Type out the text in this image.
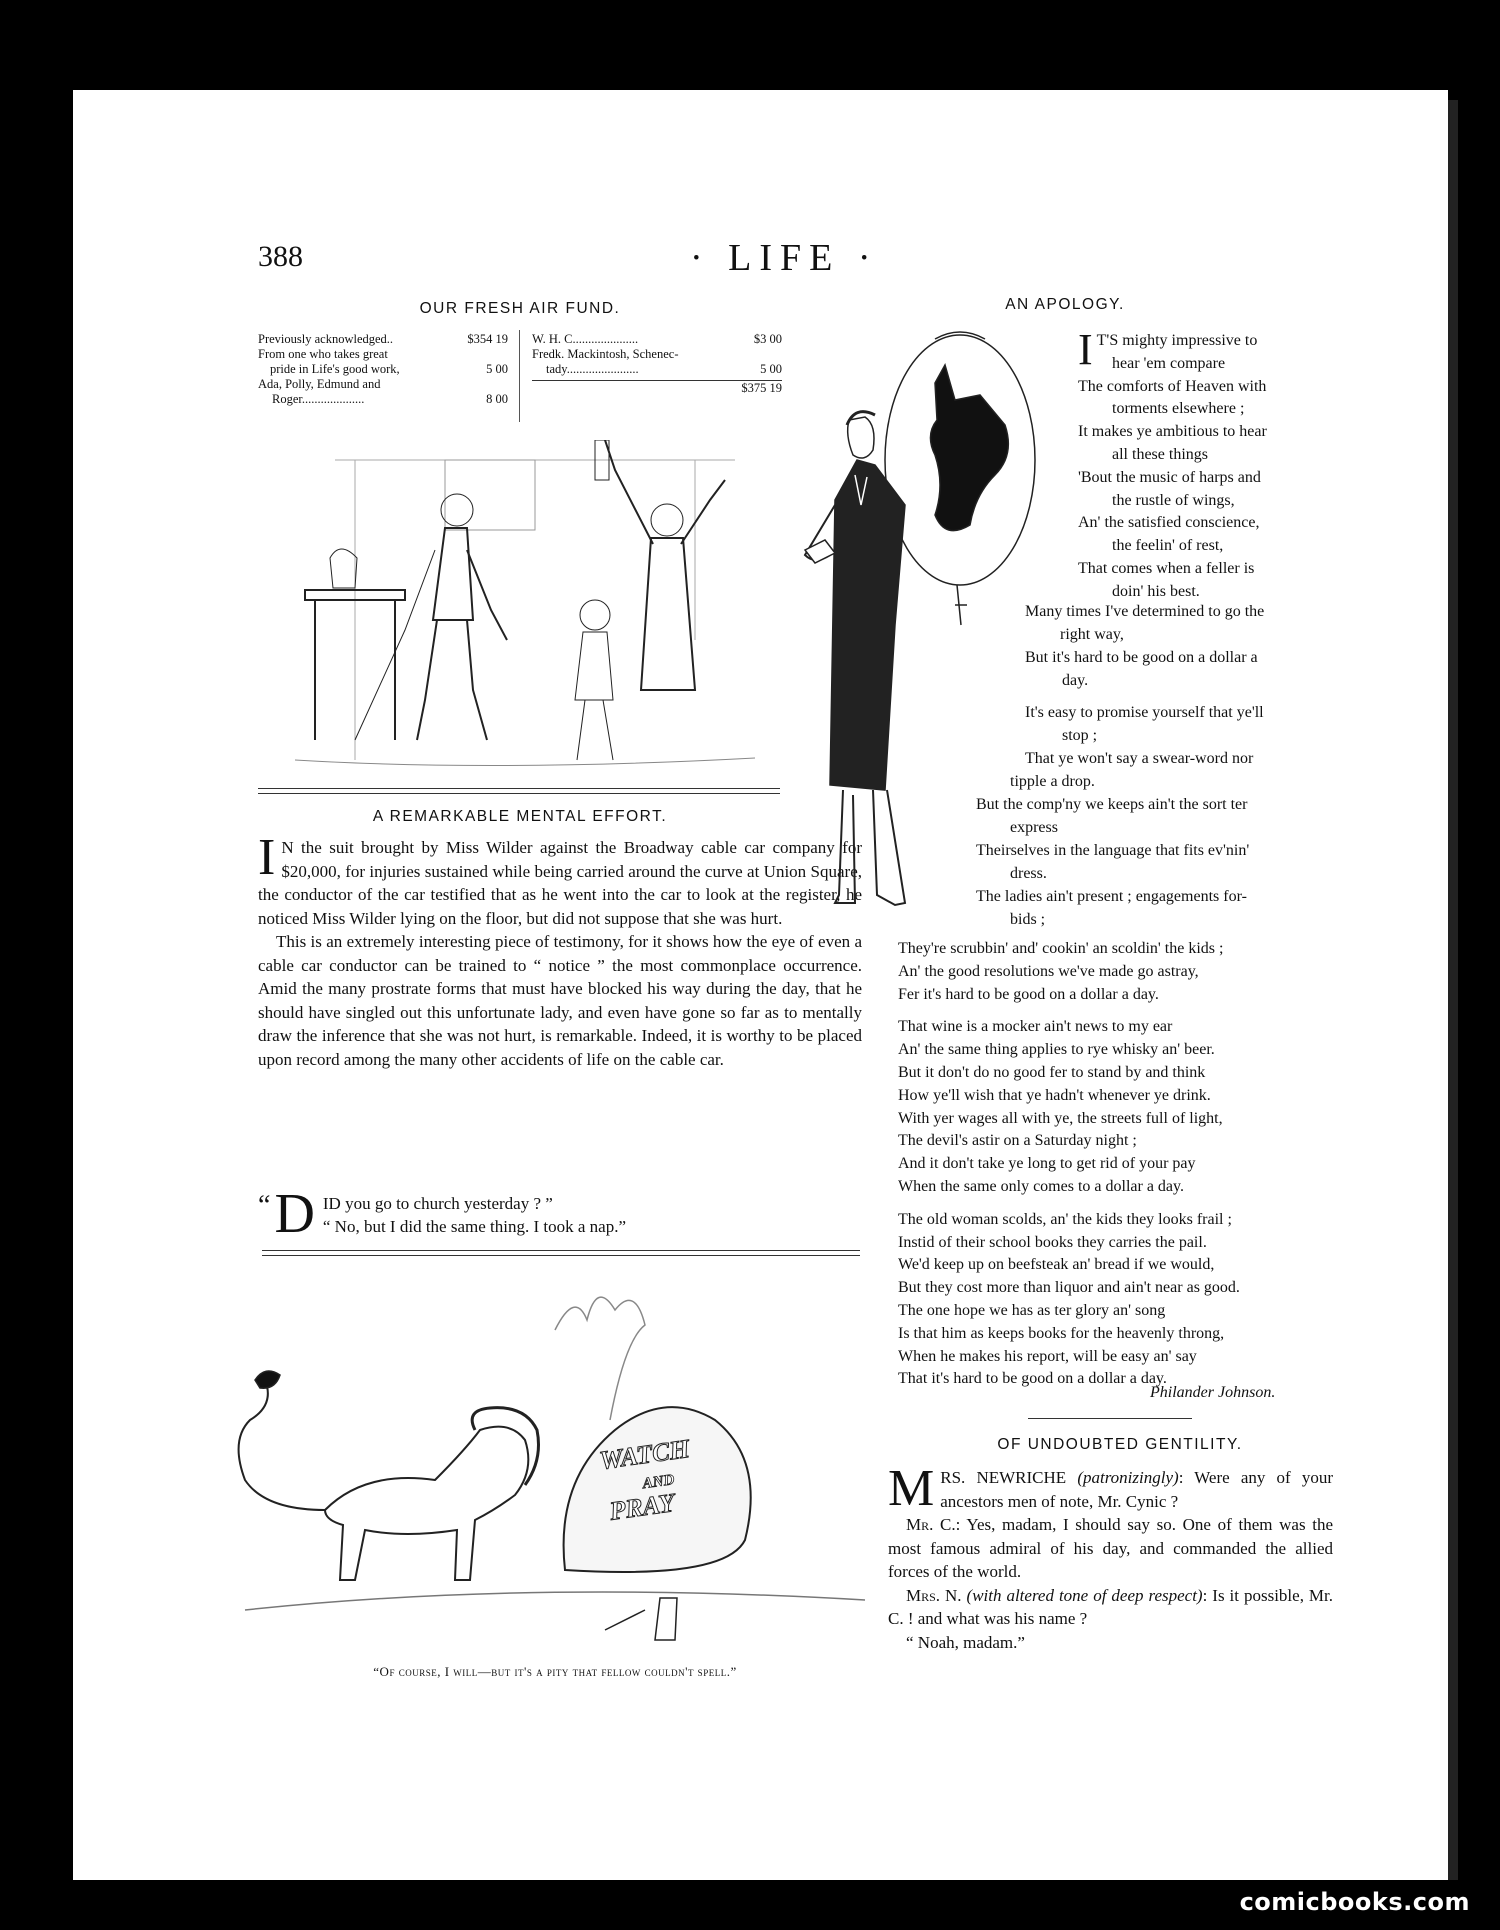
388	· LIFE ·
OUR FRESH AIR FUND.
Previously acknowledged..	$354 19
From one who takes great
pride in Life's good work,	5 00
Ada, Polly, Edmund and
Roger....................	8 00
W. H. C.....................	$3 00
Fredk. Mackintosh, Schenec-
tady.......................	5 00
$375 19
A REMARKABLE MENTAL EFFORT.

I N the suit brought by Miss Wilder against the Broadway cable car company for $20,000, for injuries sustained while being carried around the curve at Union Square, the conductor of the car testified that as he went into the car to look at the register, he noticed Miss Wilder lying on the floor, but did not suppose that she was hurt.

This is an extremely interesting piece of testimony, for it shows how the eye of even a cable car conductor can be trained to “ notice ” the most commonplace occurrence. Amid the many prostrate forms that must have blocked his way during the day, that he should have singled out this unfortunate lady, and even have gone so far as to mentally draw the inference that she was not hurt, is remarkable. Indeed, it is worthy to be placed upon record among the many other accidents of life on the cable car.

“ D ID you go to church yesterday ? ”
“ No, but I did the same thing. I took a nap.”
WATCH
AND
PRAY
“Of course, I will—but it's a pity that fellow couldn't spell.”
AN APOLOGY.
I T'S mighty impressive to
hear 'em compare
The comforts of Heaven with
torments elsewhere ;
It makes ye ambitious to hear
all these things
'Bout the music of harps and
the rustle of wings,
An' the satisfied conscience,
the feelin' of rest,
That comes when a feller is
doin' his best.
Many times I've determined to go the
right way,
But it's hard to be good on a dollar a
day.
It's easy to promise yourself that ye'll
stop ;
That ye won't say a swear-word nor
tipple a drop.
But the comp'ny we keeps ain't the sort ter
express
Theirselves in the language that fits ev'nin'
dress.
The ladies ain't present ; engagements for-
bids ;
They're scrubbin' and' cookin' an scoldin' the kids ;
An' the good resolutions we've made go astray,
Fer it's hard to be good on a dollar a day.
That wine is a mocker ain't news to my ear
An' the same thing applies to rye whisky an' beer.
But it don't do no good fer to stand by and think
How ye'll wish that ye hadn't whenever ye drink.
With yer wages all with ye, the streets full of light,
The devil's astir on a Saturday night ;
And it don't take ye long to get rid of your pay
When the same only comes to a dollar a day.
The old woman scolds, an' the kids they looks frail ;
Instid of their school books they carries the pail.
We'd keep up on beefsteak an' bread if we would,
But they cost more than liquor and ain't near as good.
The one hope we has as ter glory an' song
Is that him as keeps books for the heavenly throng,
When he makes his report, will be easy an' say
That it's hard to be good on a dollar a day.
Philander Johnson.
OF UNDOUBTED GENTILITY.

MRS. NEWRICHE (patronizingly): Were any of your ancestors men of note, Mr. Cynic ?

Mr. C.: Yes, madam, I should say so. One of them was the most famous admiral of his day, and commanded the allied forces of the world.

Mrs. N. (with altered tone of deep respect): Is it possible, Mr. C. ! and what was his name ?

“ Noah, madam.”

comicbooks.com
